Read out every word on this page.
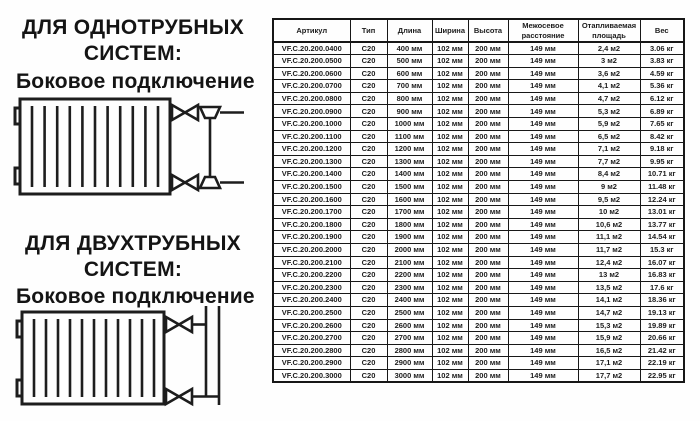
ДЛЯ ОДНОТРУБНЫХ
СИСТЕМ:
Боковое подключение
ДЛЯ ДВУХТРУБНЫХ
СИСТЕМ:
Боковое подключение
Артикул	Тип	Длина	Ширина	Высота	Межосевое расстояние	Отапливаемая площадь	Вес
VF.C.20.200.0400	C20	400 мм	102 мм	200 мм	149 мм	2,4 м2	3.06 кг
VF.C.20.200.0500	C20	500 мм	102 мм	200 мм	149 мм	3 м2	3.83 кг
VF.C.20.200.0600	C20	600 мм	102 мм	200 мм	149 мм	3,6 м2	4.59 кг
VF.C.20.200.0700	C20	700 мм	102 мм	200 мм	149 мм	4,1 м2	5.36 кг
VF.C.20.200.0800	C20	800 мм	102 мм	200 мм	149 мм	4,7 м2	6.12 кг
VF.C.20.200.0900	C20	900 мм	102 мм	200 мм	149 мм	5,3 м2	6.89 кг
VF.C.20.200.1000	C20	1000 мм	102 мм	200 мм	149 мм	5,9 м2	7.65 кг
VF.C.20.200.1100	C20	1100 мм	102 мм	200 мм	149 мм	6,5 м2	8.42 кг
VF.C.20.200.1200	C20	1200 мм	102 мм	200 мм	149 мм	7,1 м2	9.18 кг
VF.C.20.200.1300	C20	1300 мм	102 мм	200 мм	149 мм	7,7 м2	9.95 кг
VF.C.20.200.1400	C20	1400 мм	102 мм	200 мм	149 мм	8,4 м2	10.71 кг
VF.C.20.200.1500	C20	1500 мм	102 мм	200 мм	149 мм	9 м2	11.48 кг
VF.C.20.200.1600	C20	1600 мм	102 мм	200 мм	149 мм	9,5 м2	12.24 кг
VF.C.20.200.1700	C20	1700 мм	102 мм	200 мм	149 мм	10 м2	13.01 кг
VF.C.20.200.1800	C20	1800 мм	102 мм	200 мм	149 мм	10,6 м2	13.77 кг
VF.C.20.200.1900	C20	1900 мм	102 мм	200 мм	149 мм	11,1 м2	14.54 кг
VF.C.20.200.2000	C20	2000 мм	102 мм	200 мм	149 мм	11,7 м2	15.3 кг
VF.C.20.200.2100	C20	2100 мм	102 мм	200 мм	149 мм	12,4 м2	16.07 кг
VF.C.20.200.2200	C20	2200 мм	102 мм	200 мм	149 мм	13 м2	16.83 кг
VF.C.20.200.2300	C20	2300 мм	102 мм	200 мм	149 мм	13,5 м2	17.6 кг
VF.C.20.200.2400	C20	2400 мм	102 мм	200 мм	149 мм	14,1 м2	18.36 кг
VF.C.20.200.2500	C20	2500 мм	102 мм	200 мм	149 мм	14,7 м2	19.13 кг
VF.C.20.200.2600	C20	2600 мм	102 мм	200 мм	149 мм	15,3 м2	19.89 кг
VF.C.20.200.2700	C20	2700 мм	102 мм	200 мм	149 мм	15,9 м2	20.66 кг
VF.C.20.200.2800	C20	2800 мм	102 мм	200 мм	149 мм	16,5 м2	21.42 кг
VF.C.20.200.2900	C20	2900 мм	102 мм	200 мм	149 мм	17,1 м2	22.19 кг
VF.C.20.200.3000	C20	3000 мм	102 мм	200 мм	149 мм	17,7 м2	22.95 кг
